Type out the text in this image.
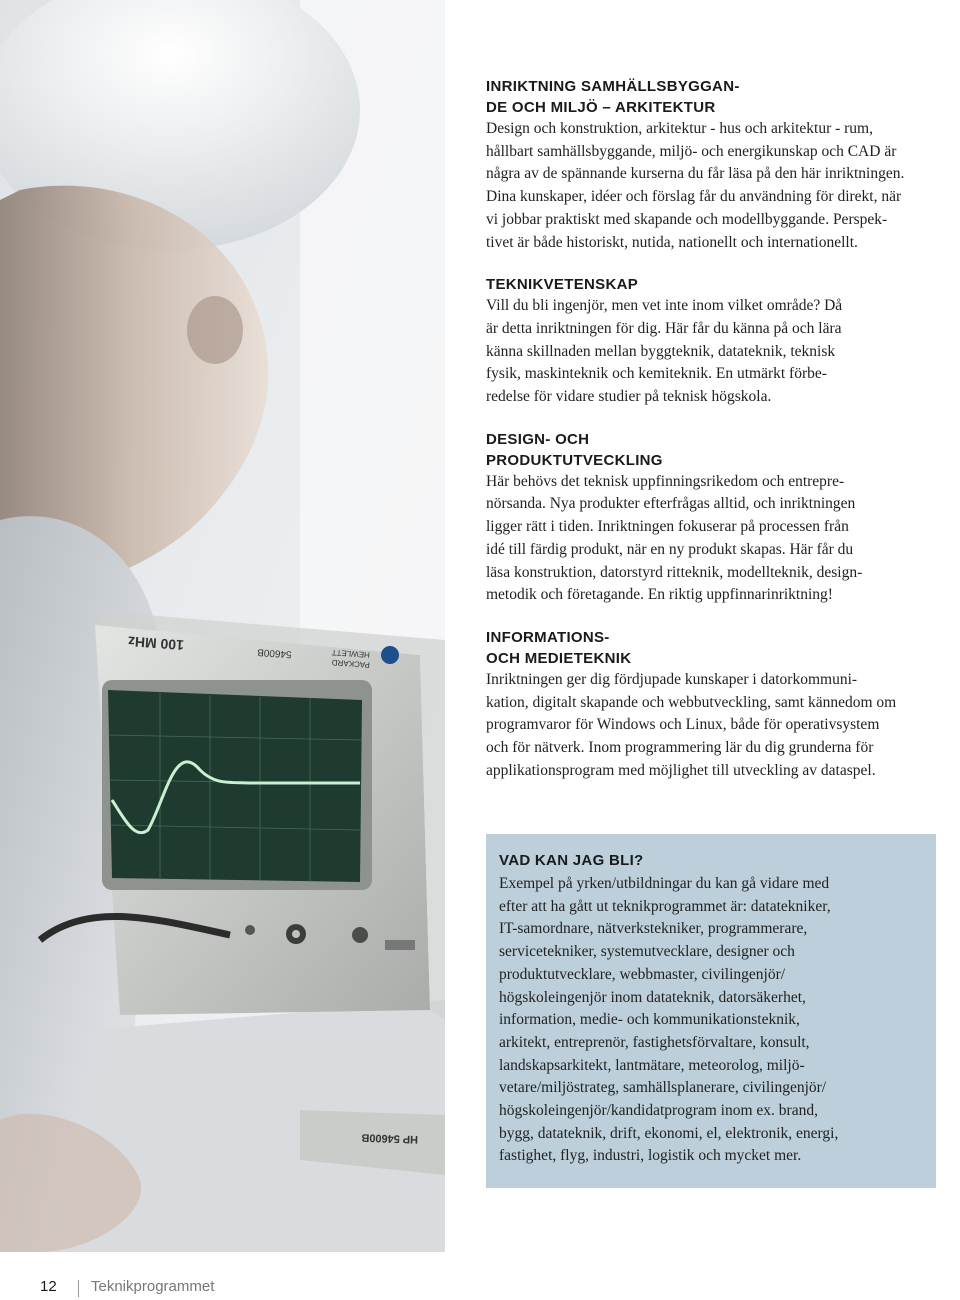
100 MHz	54600B	HEWLETT
PACKARD
HP 54600B
INRIKTNING SAMHÄLLSBYGGAN-
DE OCH MILJÖ – ARKITEKTUR

Design och konstruktion, arkitektur - hus och arkitektur - rum,
hållbart samhällsbyggande, miljö- och energikunskap och CAD är
några av de spännande kurserna du får läsa på den här inriktningen.
Dina kunskaper, idéer och förslag får du användning för direkt, när
vi jobbar praktiskt med skapande och modellbyggande. Perspek-
tivet är både historiskt, nutida, nationellt och internationellt.

TEKNIKVETENSKAP

Vill du bli ingenjör, men vet inte inom vilket område? Då
är detta inriktningen för dig. Här får du känna på och lära
känna skillnaden mellan byggteknik, datateknik, teknisk
fysik, maskinteknik och kemiteknik. En utmärkt förbe-
redelse för vidare studier på teknisk högskola.

DESIGN- OCH
PRODUKTUTVECKLING

Här behövs det teknisk uppfinningsrikedom och entrepre-
nörsanda. Nya produkter efterfrågas alltid, och inriktningen
ligger rätt i tiden. Inriktningen fokuserar på processen från
idé till färdig produkt, när en ny produkt skapas. Här får du
läsa konstruktion, datorstyrd ritteknik, modellteknik, design-
metodik och företagande. En riktig uppfinnarinriktning!

INFORMATIONS-
OCH MEDIETEKNIK

Inriktningen ger dig fördjupade kunskaper i datorkommuni-
kation, digitalt skapande och webbutveckling, samt kännedom om
programvaror för Windows och Linux, både för operativsystem
och för nätverk. Inom programmering lär du dig grunderna för
applikationsprogram med möjlighet till utveckling av dataspel.

VAD KAN JAG BLI?

Exempel på yrken/utbildningar du kan gå vidare med
efter att ha gått ut teknikprogrammet är: datatekniker,
IT-samordnare, nätverkstekniker, programmerare,
servicetekniker, systemutvecklare, designer och
produktutvecklare, webbmaster, civilingenjör/
högskoleingenjör inom datateknik, datorsäkerhet,
information, medie- och kommunikationsteknik,
arkitekt, entreprenör, fastighetsförvaltare, konsult,
landskapsarkitekt, lantmätare, meteorolog, miljö-
vetare/miljöstrateg, samhällsplanerare, civilingenjör/
högskoleingenjör/kandidatprogram inom ex. brand,
bygg, datateknik, drift, ekonomi, el, elektronik, energi,
fastighet, flyg, industri, logistik och mycket mer.

12 Teknikprogrammet
